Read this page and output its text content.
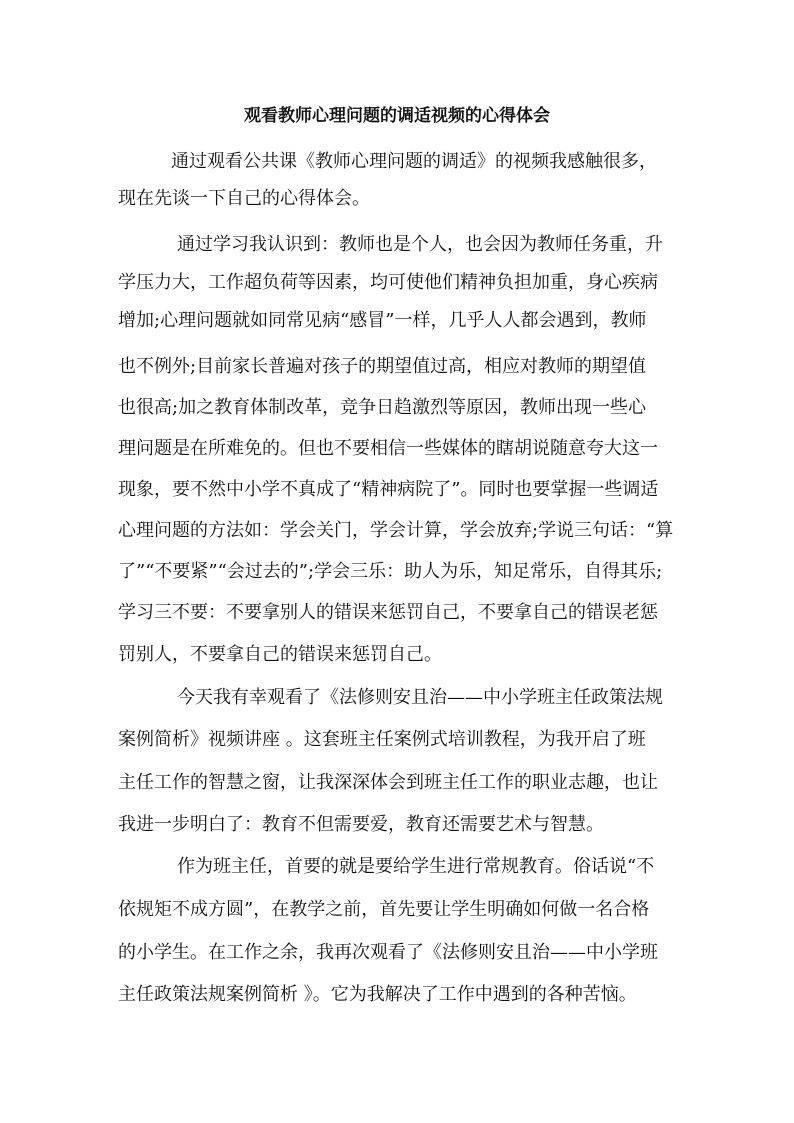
观看教师心理问题的调适视频的心得体会
通过观看公共课《教师心理问题的调适》的视频我感触很多，
现在先谈一下自己的心得体会。
通过学习我认识到：教师也是个人，也会因为教师任务重，升
学压力大，工作超负荷等因素，均可使他们精神负担加重，身心疾病
增加;心理问题就如同常见病“感冒”一样，几乎人人都会遇到，教师
也不例外;目前家长普遍对孩子的期望值过高，相应对教师的期望值
也很高;加之教育体制改革，竞争日趋激烈等原因，教师出现一些心
理问题是在所难免的。但也不要相信一些媒体的瞎胡说随意夸大这一
现象，要不然中小学不真成了“精神病院了”。同时也要掌握一些调适
心理问题的方法如：学会关门，学会计算，学会放弃;学说三句话：“算
了”“不要紧”“会过去的”;学会三乐：助人为乐，知足常乐，自得其乐;
学习三不要：不要拿别人的错误来惩罚自己，不要拿自己的错误老惩
罚别人，不要拿自己的错误来惩罚自己。
今天我有幸观看了《法修则安且治——中小学班主任政策法规
案例简析》视频讲座 。这套班主任案例式培训教程，为我开启了班
主任工作的智慧之窗，让我深深体会到班主任工作的职业志趣，也让
我进一步明白了：教育不但需要爱，教育还需要艺术与智慧。
作为班主任，首要的就是要给学生进行常规教育。俗话说“不
依规矩不成方圆”，在教学之前，首先要让学生明确如何做一名合格
的小学生。在工作之余，我再次观看了《法修则安且治——中小学班
主任政策法规案例简析 》。它为我解决了工作中遇到的各种苦恼。
